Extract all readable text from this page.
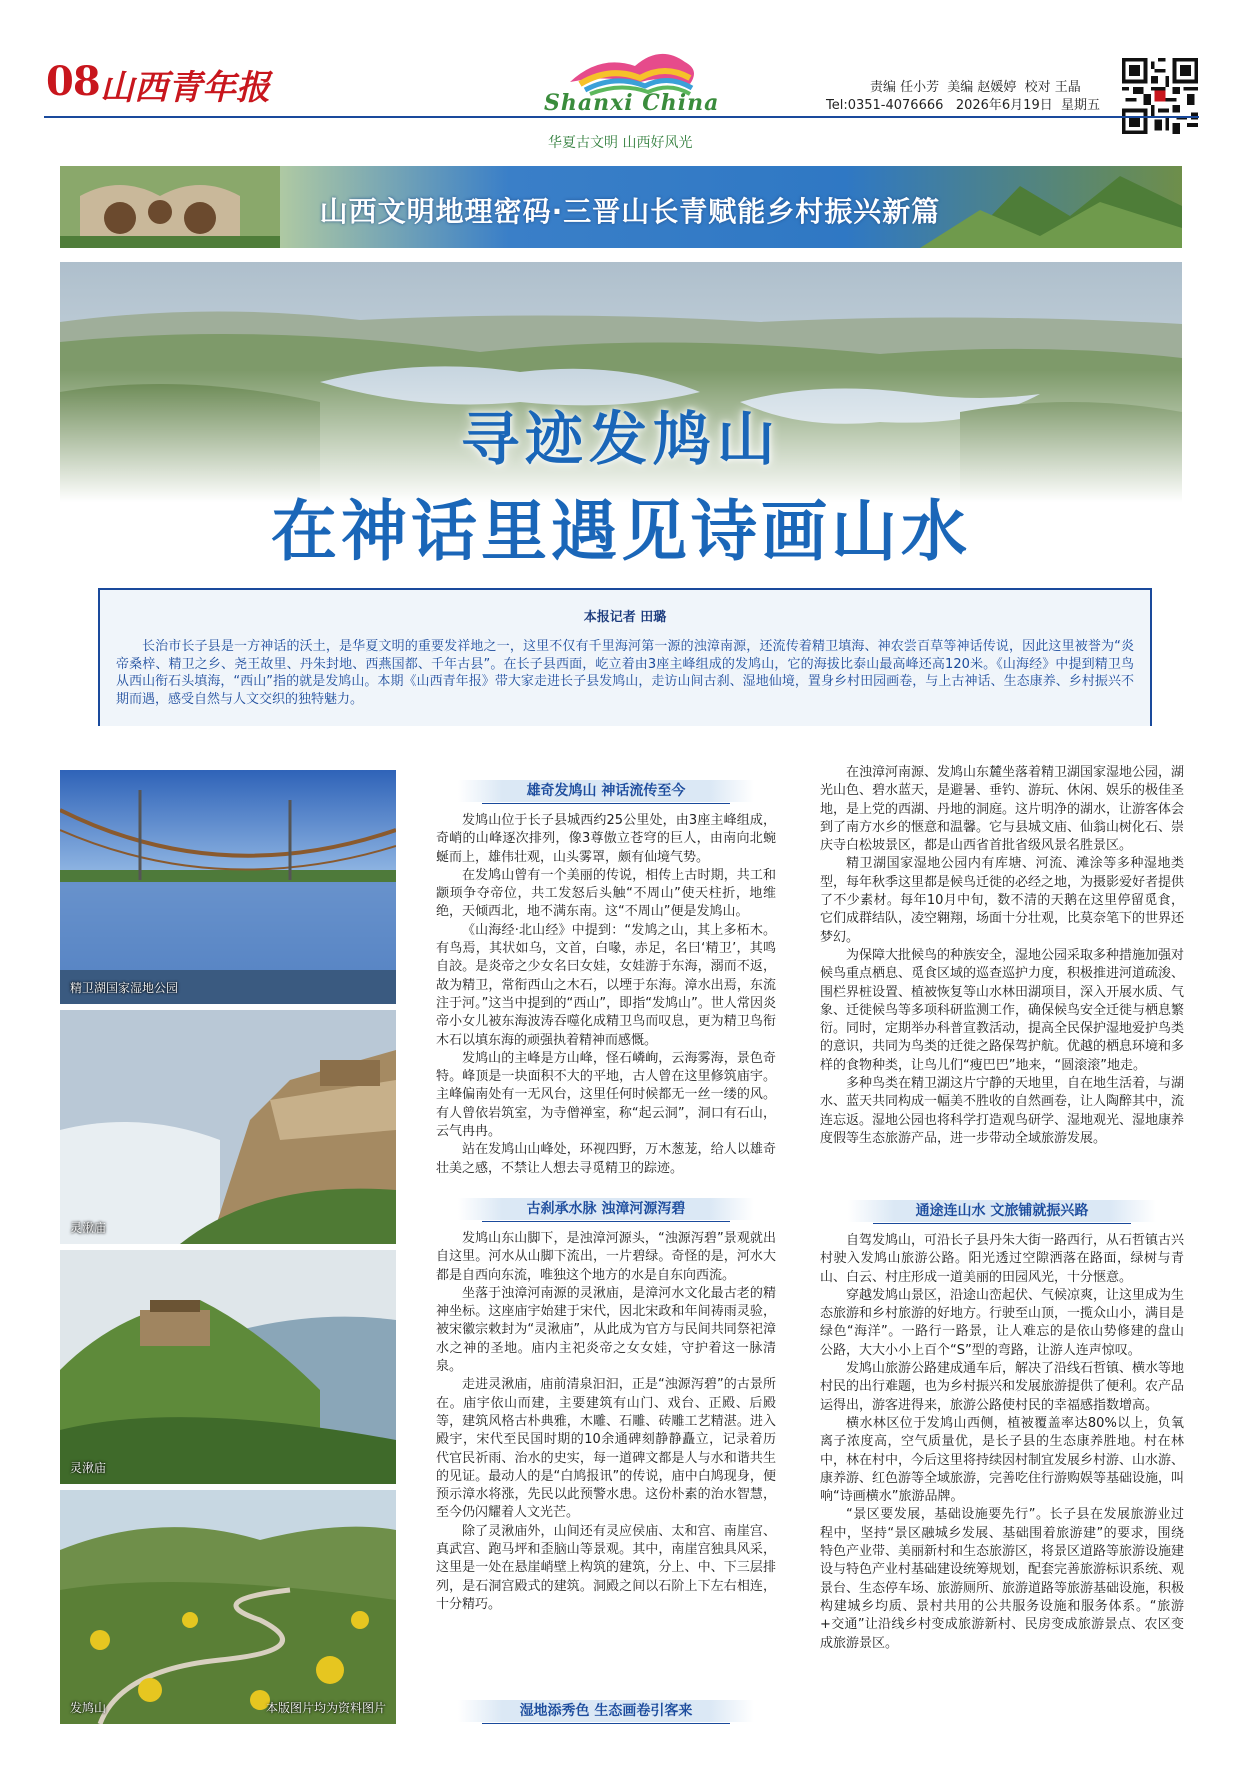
08 山西青年报	Shanxi China
华夏古文明 山西好风光
责编 任小芳 美编 赵媛婷 校对 王晶
Tel:0351-4076666 2026年6月19日 星期五
山西文明地理密码·三晋山长青赋能乡村振兴新篇
寻迹发鸠山
在神话里遇见诗画山水
本报记者 田璐
长治市长子县是一方神话的沃土，是华夏文明的重要发祥地之一，这里不仅有千里海河第一源的浊漳南源，还流传着精卫填海、神农尝百草等神话传说，因此这里被誉为“炎帝桑梓、精卫之乡、尧王故里、丹朱封地、西燕国都、千年古县”。在长子县西面，屹立着由3座主峰组成的发鸠山，它的海拔比泰山最高峰还高120米。《山海经》中提到精卫鸟从西山衔石头填海，“西山”指的就是发鸠山。本期《山西青年报》带大家走进长子县发鸠山，走访山间古刹、湿地仙境，置身乡村田园画卷，与上古神话、生态康养、乡村振兴不期而遇，感受自然与人文交织的独特魅力。
精卫湖国家湿地公园
灵湫庙
灵湫庙
发鸠山	本版图片均为资料图片
雄奇发鸠山 神话流传至今

发鸠山位于长子县城西约25公里处，由3座主峰组成，奇峭的山峰逐次排列，像3尊傲立苍穹的巨人，由南向北蜿蜒而上，雄伟壮观，山头雾罩，颇有仙境气势。

在发鸠山曾有一个美丽的传说，相传上古时期，共工和颛顼争夺帝位，共工发怒后头触“不周山”使天柱折，地维绝，天倾西北，地不满东南。这“不周山”便是发鸠山。

《山海经·北山经》中提到：“发鸠之山，其上多柘木。有鸟焉，其状如乌，文首，白喙，赤足，名曰‘精卫’，其鸣自詨。是炎帝之少女名曰女娃，女娃游于东海，溺而不返，故为精卫，常衔西山之木石，以堙于东海。漳水出焉，东流注于河。”这当中提到的“西山”，即指“发鸠山”。世人常因炎帝小女儿被东海波涛吞噬化成精卫鸟而叹息，更为精卫鸟衔木石以填东海的顽强执着精神而感慨。

发鸠山的主峰是方山峰，怪石嶙峋，云海雾海，景色奇特。峰顶是一块面积不大的平地，古人曾在这里修筑庙宇。主峰偏南处有一无风台，这里任何时候都无一丝一缕的风。有人曾依岩筑室，为寺僧禅室，称“起云洞”，洞口有石山，云气冉冉。

站在发鸠山山峰处，环视四野，万木葱茏，给人以雄奇壮美之感，不禁让人想去寻觅精卫的踪迹。

古刹承水脉 浊漳河源泻碧

发鸠山东山脚下，是浊漳河源头，“浊源泻碧”景观就出自这里。河水从山脚下流出，一片碧绿。奇怪的是，河水大都是自西向东流，唯独这个地方的水是自东向西流。

坐落于浊漳河南源的灵湫庙，是漳河水文化最古老的精神坐标。这座庙宇始建于宋代，因北宋政和年间祷雨灵验，被宋徽宗敕封为“灵湫庙”，从此成为官方与民间共同祭祀漳水之神的圣地。庙内主祀炎帝之女女娃，守护着这一脉清泉。

走进灵湫庙，庙前清泉汩汩，正是“浊源泻碧”的古景所在。庙宇依山而建，主要建筑有山门、戏台、正殿、后殿等，建筑风格古朴典雅，木雕、石雕、砖雕工艺精湛。进入殿宇，宋代至民国时期的10余通碑刻静静矗立，记录着历代官民祈雨、治水的史实，每一道碑文都是人与水和谐共生的见证。最动人的是“白鸠报讯”的传说，庙中白鸠现身，便预示漳水将涨，先民以此预警水患。这份朴素的治水智慧，至今仍闪耀着人文光芒。

除了灵湫庙外，山间还有灵应侯庙、太和宫、南崖宫、真武宫、跑马坪和歪脑山等景观。其中，南崖宫独具风采，这里是一处在悬崖峭壁上构筑的建筑，分上、中、下三层排列，是石洞宫殿式的建筑。洞殿之间以石阶上下左右相连，十分精巧。

湿地添秀色 生态画卷引客来

在浊漳河南源、发鸠山东麓坐落着精卫湖国家湿地公园，湖光山色、碧水蓝天，是避暑、垂钓、游玩、休闲、娱乐的极佳圣地，是上党的西湖、丹地的洞庭。这片明净的湖水，让游客体会到了南方水乡的惬意和温馨。它与县城文庙、仙翁山树化石、崇庆寺白松坡景区，都是山西省首批省级风景名胜景区。

精卫湖国家湿地公园内有库塘、河流、滩涂等多种湿地类型，每年秋季这里都是候鸟迁徙的必经之地，为摄影爱好者提供了不少素材。每年10月中旬，数不清的天鹅在这里停留觅食，它们成群结队，凌空翱翔，场面十分壮观，比莫奈笔下的世界还梦幻。

为保障大批候鸟的种族安全，湿地公园采取多种措施加强对候鸟重点栖息、觅食区域的巡查巡护力度，积极推进河道疏浚、围栏界桩设置、植被恢复等山水林田湖项目，深入开展水质、气象、迁徙候鸟等多项科研监测工作，确保候鸟安全迁徙与栖息繁衍。同时，定期举办科普宣教活动，提高全民保护湿地爱护鸟类的意识，共同为鸟类的迁徙之路保驾护航。优越的栖息环境和多样的食物种类，让鸟儿们“瘦巴巴”地来，“圆滚滚”地走。

多种鸟类在精卫湖这片宁静的天地里，自在地生活着，与湖水、蓝天共同构成一幅美不胜收的自然画卷，让人陶醉其中，流连忘返。湿地公园也将科学打造观鸟研学、湿地观光、湿地康养度假等生态旅游产品，进一步带动全域旅游发展。

通途连山水 文旅铺就振兴路

自驾发鸠山，可沿长子县丹朱大街一路西行，从石哲镇古兴村驶入发鸠山旅游公路。阳光透过空隙洒落在路面，绿树与青山、白云、村庄形成一道美丽的田园风光，十分惬意。

穿越发鸠山景区，沿途山峦起伏、气候凉爽，让这里成为生态旅游和乡村旅游的好地方。行驶至山顶，一揽众山小，满目是绿色“海洋”。一路行一路景，让人难忘的是依山势修建的盘山公路，大大小小上百个“S”型的弯路，让游人连声惊叹。

发鸠山旅游公路建成通车后，解决了沿线石哲镇、横水等地村民的出行难题，也为乡村振兴和发展旅游提供了便利。农产品运得出，游客进得来，旅游公路使村民的幸福感指数增高。

横水林区位于发鸠山西侧，植被覆盖率达80%以上，负氧离子浓度高，空气质量优，是长子县的生态康养胜地。村在林中，林在村中，今后这里将持续因村制宜发展乡村游、山水游、康养游、红色游等全域旅游，完善吃住行游购娱等基础设施，叫响“诗画横水”旅游品牌。

“景区要发展，基础设施要先行”。长子县在发展旅游业过程中，坚持“景区融城乡发展、基础围着旅游建”的要求，围绕特色产业带、美丽新村和生态旅游区，将景区道路等旅游设施建设与特色产业村基础建设统筹规划，配套完善旅游标识系统、观景台、生态停车场、旅游厕所、旅游道路等旅游基础设施，积极构建城乡均质、景村共用的公共服务设施和服务体系。“旅游+交通”让沿线乡村变成旅游新村、民房变成旅游景点、农区变成旅游景区。
